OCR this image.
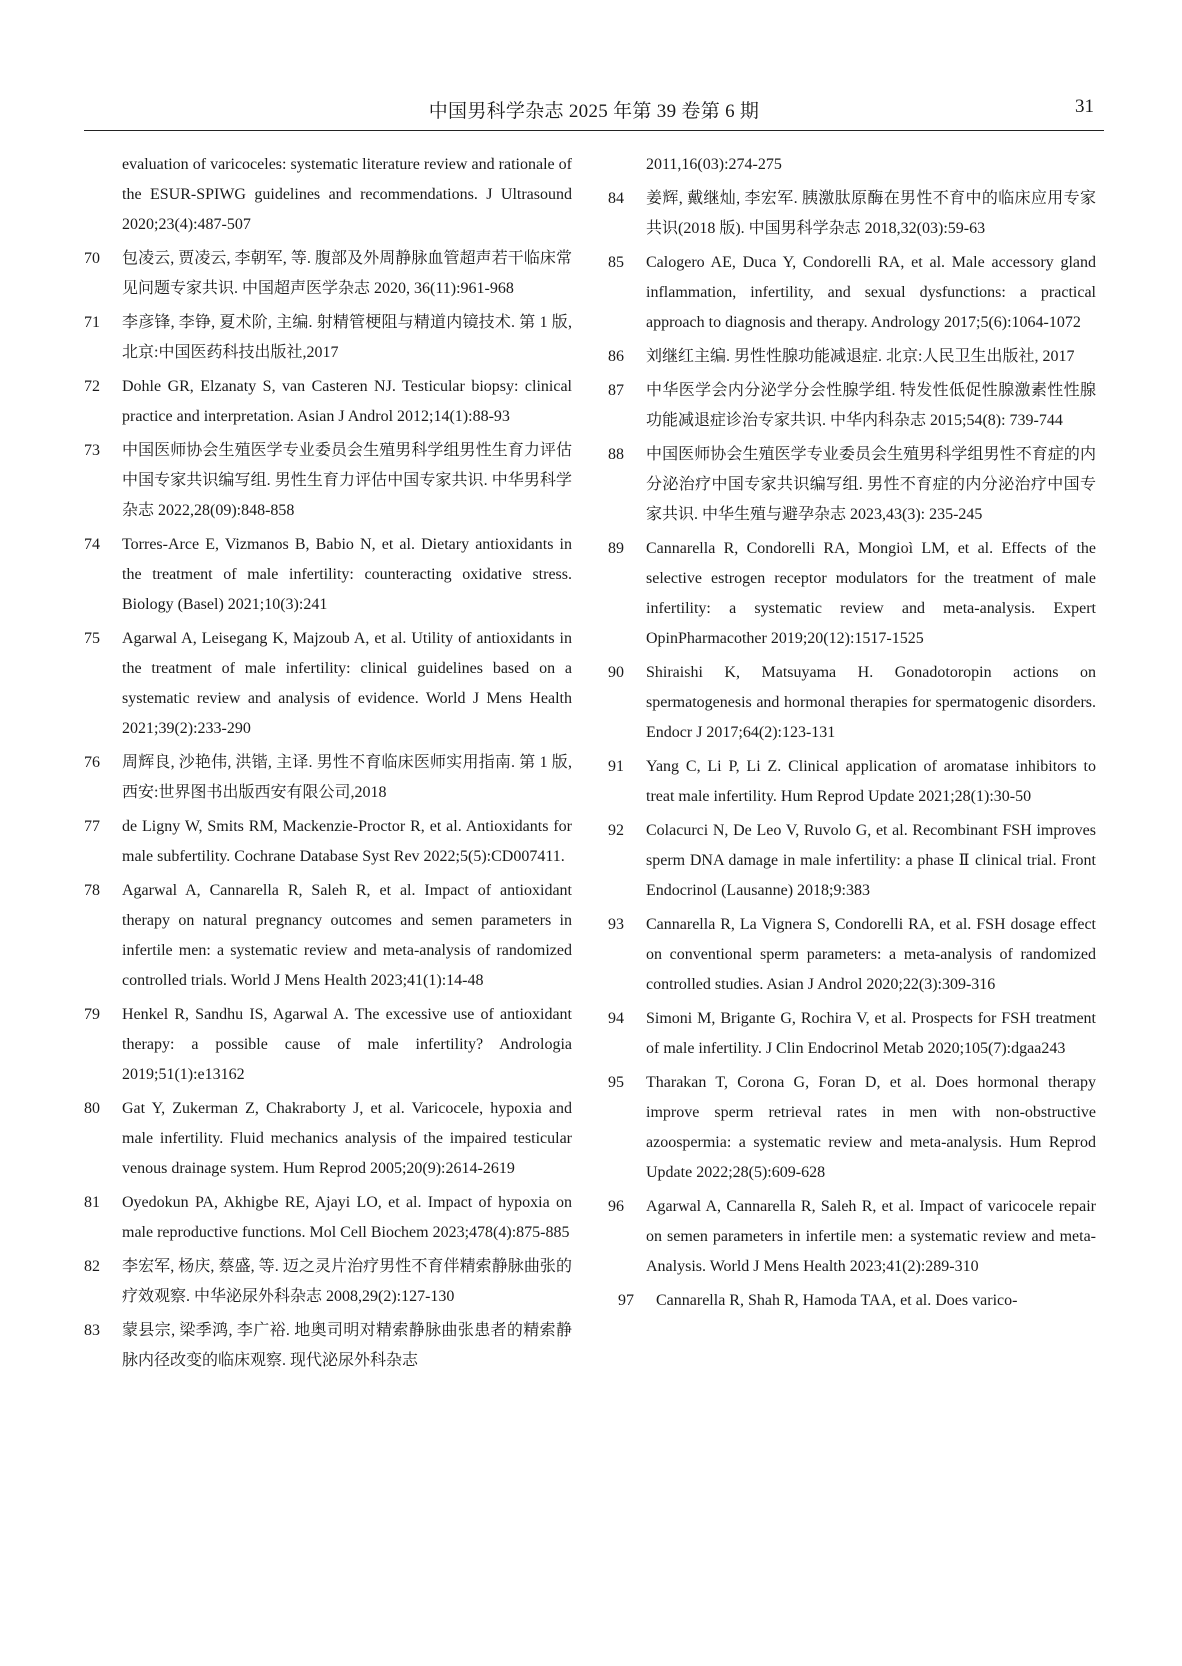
中国男科学杂志 2025 年第 39 卷第 6 期	31
evaluation of varicoceles: systematic literature review and rationale of the ESUR-SPIWG guidelines and recommendations. J Ultrasound 2020;23(4):487-507
70	包凌云, 贾凌云, 李朝军, 等. 腹部及外周静脉血管超声若干临床常见问题专家共识. 中国超声医学杂志 2020, 36(11):961-968
71	李彦锋, 李铮, 夏术阶, 主编. 射精管梗阻与精道内镜技术. 第 1 版,北京:中国医药科技出版社,2017
72	Dohle GR, Elzanaty S, van Casteren NJ. Testicular biopsy: clinical practice and interpretation. Asian J Androl 2012;14(1):88-93
73	中国医师协会生殖医学专业委员会生殖男科学组男性生育力评估中国专家共识编写组. 男性生育力评估中国专家共识. 中华男科学杂志 2022,28(09):848-858
74	Torres-Arce E, Vizmanos B, Babio N, et al. Dietary antioxidants in the treatment of male infertility: counteracting oxidative stress. Biology (Basel) 2021;10(3):241
75	Agarwal A, Leisegang K, Majzoub A, et al. Utility of antioxidants in the treatment of male infertility: clinical guidelines based on a systematic review and analysis of evidence. World J Mens Health 2021;39(2):233-290
76	周辉良, 沙艳伟, 洪锴, 主译. 男性不育临床医师实用指南. 第 1 版,西安:世界图书出版西安有限公司,2018
77	de Ligny W, Smits RM, Mackenzie-Proctor R, et al. Antioxidants for male subfertility. Cochrane Database Syst Rev 2022;5(5):CD007411.
78	Agarwal A, Cannarella R, Saleh R, et al. Impact of antioxidant therapy on natural pregnancy outcomes and semen parameters in infertile men: a systematic review and meta-analysis of randomized controlled trials. World J Mens Health 2023;41(1):14-48
79	Henkel R, Sandhu IS, Agarwal A. The excessive use of antioxidant therapy: a possible cause of male infertility? Andrologia 2019;51(1):e13162
80	Gat Y, Zukerman Z, Chakraborty J, et al. Varicocele, hypoxia and male infertility. Fluid mechanics analysis of the impaired testicular venous drainage system. Hum Reprod 2005;20(9):2614-2619
81	Oyedokun PA, Akhigbe RE, Ajayi LO, et al. Impact of hypoxia on male reproductive functions. Mol Cell Biochem 2023;478(4):875-885
82	李宏军, 杨庆, 蔡盛, 等. 迈之灵片治疗男性不育伴精索静脉曲张的疗效观察. 中华泌尿外科杂志 2008,29(2):127-130
83	蒙县宗, 梁季鸿, 李广裕. 地奥司明对精索静脉曲张患者的精索静脉内径改变的临床观察. 现代泌尿外科杂志
2011,16(03):274-275
84	姜辉, 戴继灿, 李宏军. 胰激肽原酶在男性不育中的临床应用专家共识(2018 版). 中国男科学杂志 2018,32(03):59-63
85	Calogero AE, Duca Y, Condorelli RA, et al. Male accessory gland inflammation, infertility, and sexual dysfunctions: a practical approach to diagnosis and therapy. Andrology 2017;5(6):1064-1072
86	刘继红主编. 男性性腺功能减退症. 北京:人民卫生出版社, 2017
87	中华医学会内分泌学分会性腺学组. 特发性低促性腺激素性性腺功能减退症诊治专家共识. 中华内科杂志 2015;54(8): 739-744
88	中国医师协会生殖医学专业委员会生殖男科学组男性不育症的内分泌治疗中国专家共识编写组. 男性不育症的内分泌治疗中国专家共识. 中华生殖与避孕杂志 2023,43(3): 235-245
89	Cannarella R, Condorelli RA, Mongioì LM, et al. Effects of the selective estrogen receptor modulators for the treatment of male infertility: a systematic review and meta-analysis. Expert OpinPharmacother 2019;20(12):1517-1525
90	Shiraishi K, Matsuyama H. Gonadotoropin actions on spermatogenesis and hormonal therapies for spermatogenic disorders. Endocr J 2017;64(2):123-131
91	Yang C, Li P, Li Z. Clinical application of aromatase inhibitors to treat male infertility. Hum Reprod Update 2021;28(1):30-50
92	Colacurci N, De Leo V, Ruvolo G, et al. Recombinant FSH improves sperm DNA damage in male infertility: a phase Ⅱ clinical trial. Front Endocrinol (Lausanne) 2018;9:383
93	Cannarella R, La Vignera S, Condorelli RA, et al. FSH dosage effect on conventional sperm parameters: a meta-analysis of randomized controlled studies. Asian J Androl 2020;22(3):309-316
94	Simoni M, Brigante G, Rochira V, et al. Prospects for FSH treatment of male infertility. J Clin Endocrinol Metab 2020;105(7):dgaa243
95	Tharakan T, Corona G, Foran D, et al. Does hormonal therapy improve sperm retrieval rates in men with non-obstructive azoospermia: a systematic review and meta-analysis. Hum Reprod Update 2022;28(5):609-628
96	Agarwal A, Cannarella R, Saleh R, et al. Impact of varicocele repair on semen parameters in infertile men: a systematic review and meta-Analysis. World J Mens Health 2023;41(2):289-310
97	Cannarella R, Shah R, Hamoda TAA, et al. Does varico-
